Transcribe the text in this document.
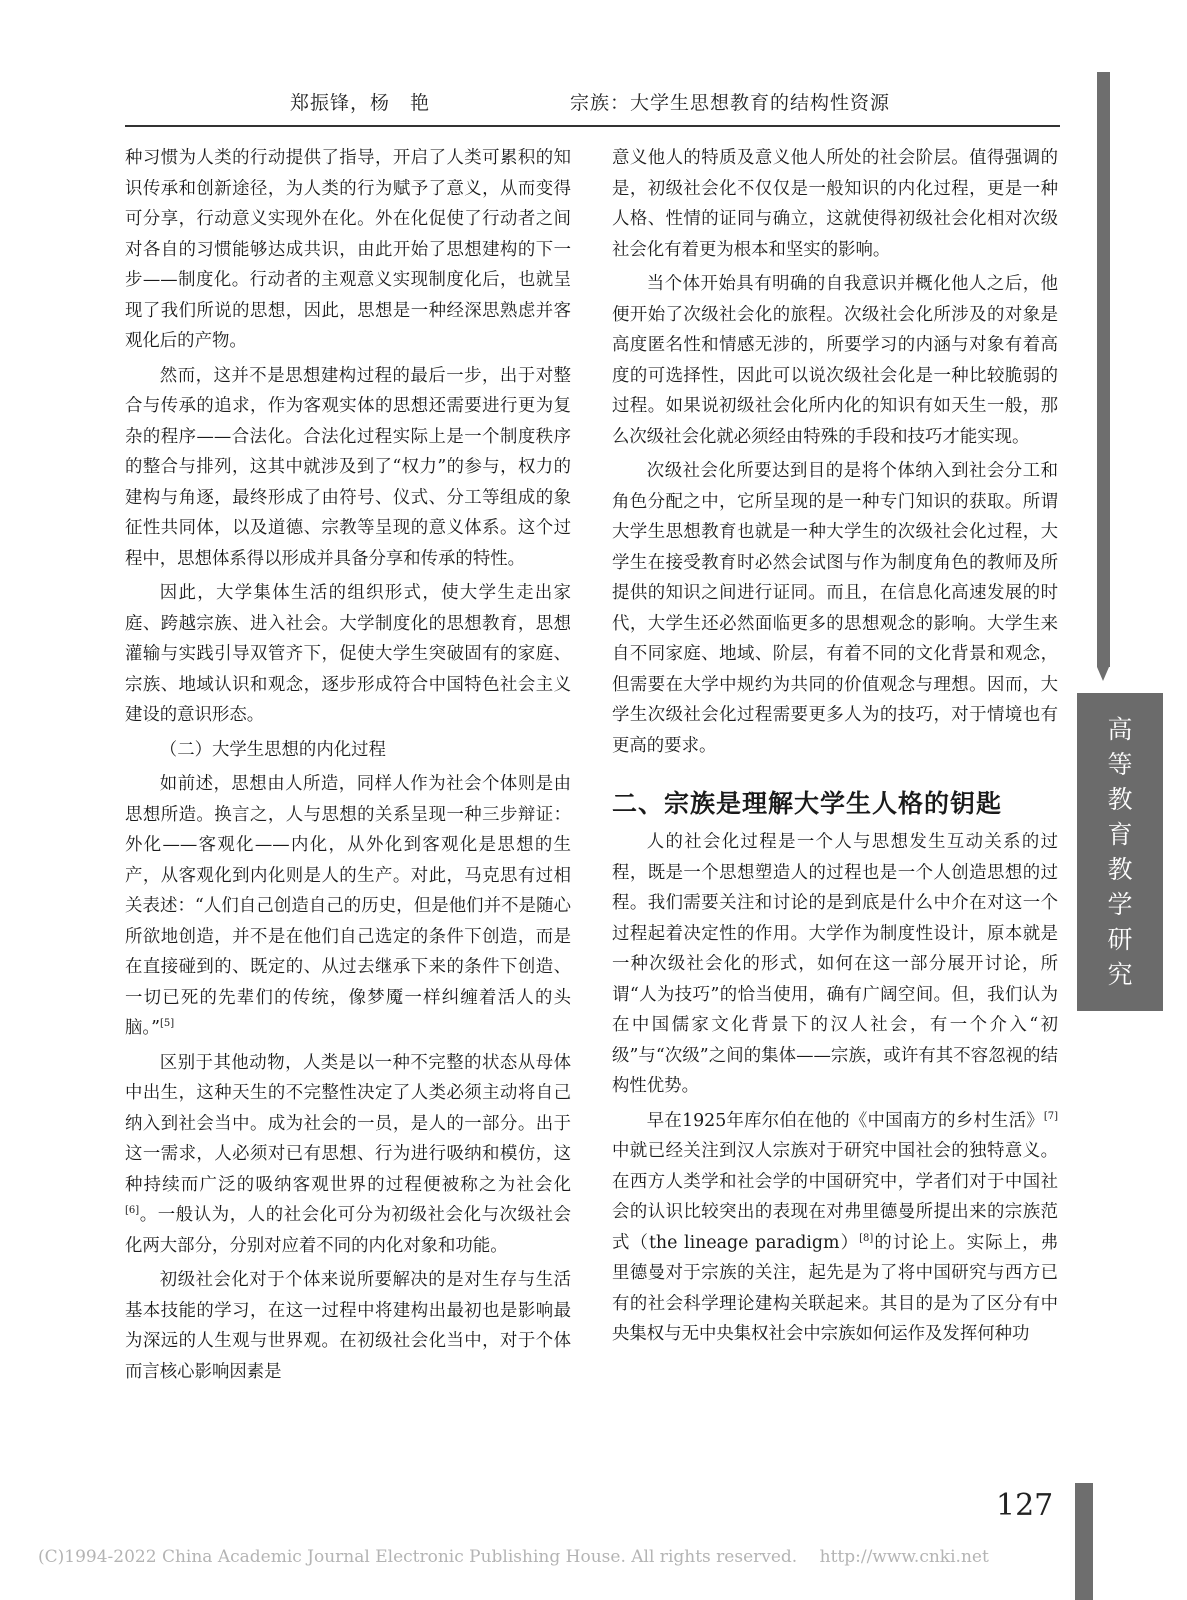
郑振锋，杨　艳	宗族：大学生思想教育的结构性资源

种习惯为人类的行动提供了指导，开启了人类可累积的知识传承和创新途径，为人类的行为赋予了意义，从而变得可分享，行动意义实现外在化。外在化促使了行动者之间对各自的习惯能够达成共识，由此开始了思想建构的下一步——制度化。行动者的主观意义实现制度化后，也就呈现了我们所说的思想，因此，思想是一种经深思熟虑并客观化后的产物。

然而，这并不是思想建构过程的最后一步，出于对整合与传承的追求，作为客观实体的思想还需要进行更为复杂的程序——合法化。合法化过程实际上是一个制度秩序的整合与排列，这其中就涉及到了“权力”的参与，权力的建构与角逐，最终形成了由符号、仪式、分工等组成的象征性共同体，以及道德、宗教等呈现的意义体系。这个过程中，思想体系得以形成并具备分享和传承的特性。

因此，大学集体生活的组织形式，使大学生走出家庭、跨越宗族、进入社会。大学制度化的思想教育，思想灌输与实践引导双管齐下，促使大学生突破固有的家庭、宗族、地域认识和观念，逐步形成符合中国特色社会主义建设的意识形态。

（二）大学生思想的内化过程

如前述，思想由人所造，同样人作为社会个体则是由思想所造。换言之，人与思想的关系呈现一种三步辩证：外化——客观化——内化，从外化到客观化是思想的生产，从客观化到内化则是人的生产。对此，马克思有过相关表述：“人们自己创造自己的历史，但是他们并不是随心所欲地创造，并不是在他们自己选定的条件下创造，而是在直接碰到的、既定的、从过去继承下来的条件下创造、一切已死的先辈们的传统，像梦魇一样纠缠着活人的头脑。”[5]

区别于其他动物，人类是以一种不完整的状态从母体中出生，这种天生的不完整性决定了人类必须主动将自己纳入到社会当中。成为社会的一员，是人的一部分。出于这一需求，人必须对已有思想、行为进行吸纳和模仿，这种持续而广泛的吸纳客观世界的过程便被称之为社会化[6]。一般认为，人的社会化可分为初级社会化与次级社会化两大部分，分别对应着不同的内化对象和功能。

初级社会化对于个体来说所要解决的是对生存与生活基本技能的学习，在这一过程中将建构出最初也是影响最为深远的人生观与世界观。在初级社会化当中，对于个体而言核心影响因素是

意义他人的特质及意义他人所处的社会阶层。值得强调的是，初级社会化不仅仅是一般知识的内化过程，更是一种人格、性情的证同与确立，这就使得初级社会化相对次级社会化有着更为根本和坚实的影响。

当个体开始具有明确的自我意识并概化他人之后，他便开始了次级社会化的旅程。次级社会化所涉及的对象是高度匿名性和情感无涉的，所要学习的内涵与对象有着高度的可选择性，因此可以说次级社会化是一种比较脆弱的过程。如果说初级社会化所内化的知识有如天生一般，那么次级社会化就必须经由特殊的手段和技巧才能实现。

次级社会化所要达到目的是将个体纳入到社会分工和角色分配之中，它所呈现的是一种专门知识的获取。所谓大学生思想教育也就是一种大学生的次级社会化过程，大学生在接受教育时必然会试图与作为制度角色的教师及所提供的知识之间进行证同。而且，在信息化高速发展的时代，大学生还必然面临更多的思想观念的影响。大学生来自不同家庭、地域、阶层，有着不同的文化背景和观念，但需要在大学中规约为共同的价值观念与理想。因而，大学生次级社会化过程需要更多人为的技巧，对于情境也有更高的要求。

二、宗族是理解大学生人格的钥匙

人的社会化过程是一个人与思想发生互动关系的过程，既是一个思想塑造人的过程也是一个人创造思想的过程。我们需要关注和讨论的是到底是什么中介在对这一个过程起着决定性的作用。大学作为制度性设计，原本就是一种次级社会化的形式，如何在这一部分展开讨论，所谓“人为技巧”的恰当使用，确有广阔空间。但，我们认为在中国儒家文化背景下的汉人社会，有一个介入“初级”与“次级”之间的集体——宗族，或许有其不容忽视的结构性优势。

早在1925年库尔伯在他的《中国南方的乡村生活》[7]中就已经关注到汉人宗族对于研究中国社会的独特意义。在西方人类学和社会学的中国研究中，学者们对于中国社会的认识比较突出的表现在对弗里德曼所提出来的宗族范式（the lineage paradigm）[8]的讨论上。实际上，弗里德曼对于宗族的关注，起先是为了将中国研究与西方已有的社会科学理论建构关联起来。其目的是为了区分有中央集权与无中央集权社会中宗族如何运作及发挥何种功

高
等
教
育
教
学
研
究
127
(C)1994-2022 China Academic Journal Electronic Publishing House. All rights reserved.　 http://www.cnki.net
